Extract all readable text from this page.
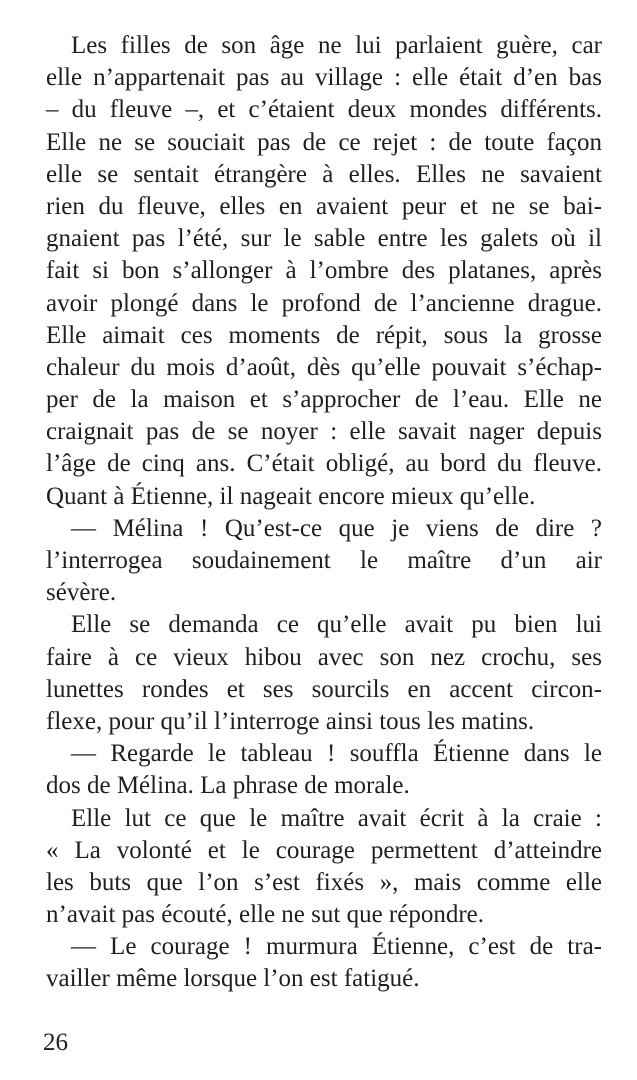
Les filles de son âge ne lui parlaient guère, car
elle n’appartenait pas au village : elle était d’en bas
– du fleuve –, et c’étaient deux mondes différents.
Elle ne se souciait pas de ce rejet : de toute façon
elle se sentait étrangère à elles. Elles ne savaient
rien du fleuve, elles en avaient peur et ne se bai-
gnaient pas l’été, sur le sable entre les galets où il
fait si bon s’allonger à l’ombre des platanes, après
avoir plongé dans le profond de l’ancienne drague.
Elle aimait ces moments de répit, sous la grosse
chaleur du mois d’août, dès qu’elle pouvait s’échap-
per de la maison et s’approcher de l’eau. Elle ne
craignait pas de se noyer : elle savait nager depuis
l’âge de cinq ans. C’était obligé, au bord du fleuve.
Quant à Étienne, il nageait encore mieux qu’elle.
— Mélina ! Qu’est-ce que je viens de dire ?
l’interrogea soudainement le maître d’un air
sévère.
Elle se demanda ce qu’elle avait pu bien lui
faire à ce vieux hibou avec son nez crochu, ses
lunettes rondes et ses sourcils en accent circon-
flexe, pour qu’il l’interroge ainsi tous les matins.
— Regarde le tableau ! souffla Étienne dans le
dos de Mélina. La phrase de morale.
Elle lut ce que le maître avait écrit à la craie :
« La volonté et le courage permettent d’atteindre
les buts que l’on s’est fixés », mais comme elle
n’avait pas écouté, elle ne sut que répondre.
— Le courage ! murmura Étienne, c’est de tra-
vailler même lorsque l’on est fatigué.
26
